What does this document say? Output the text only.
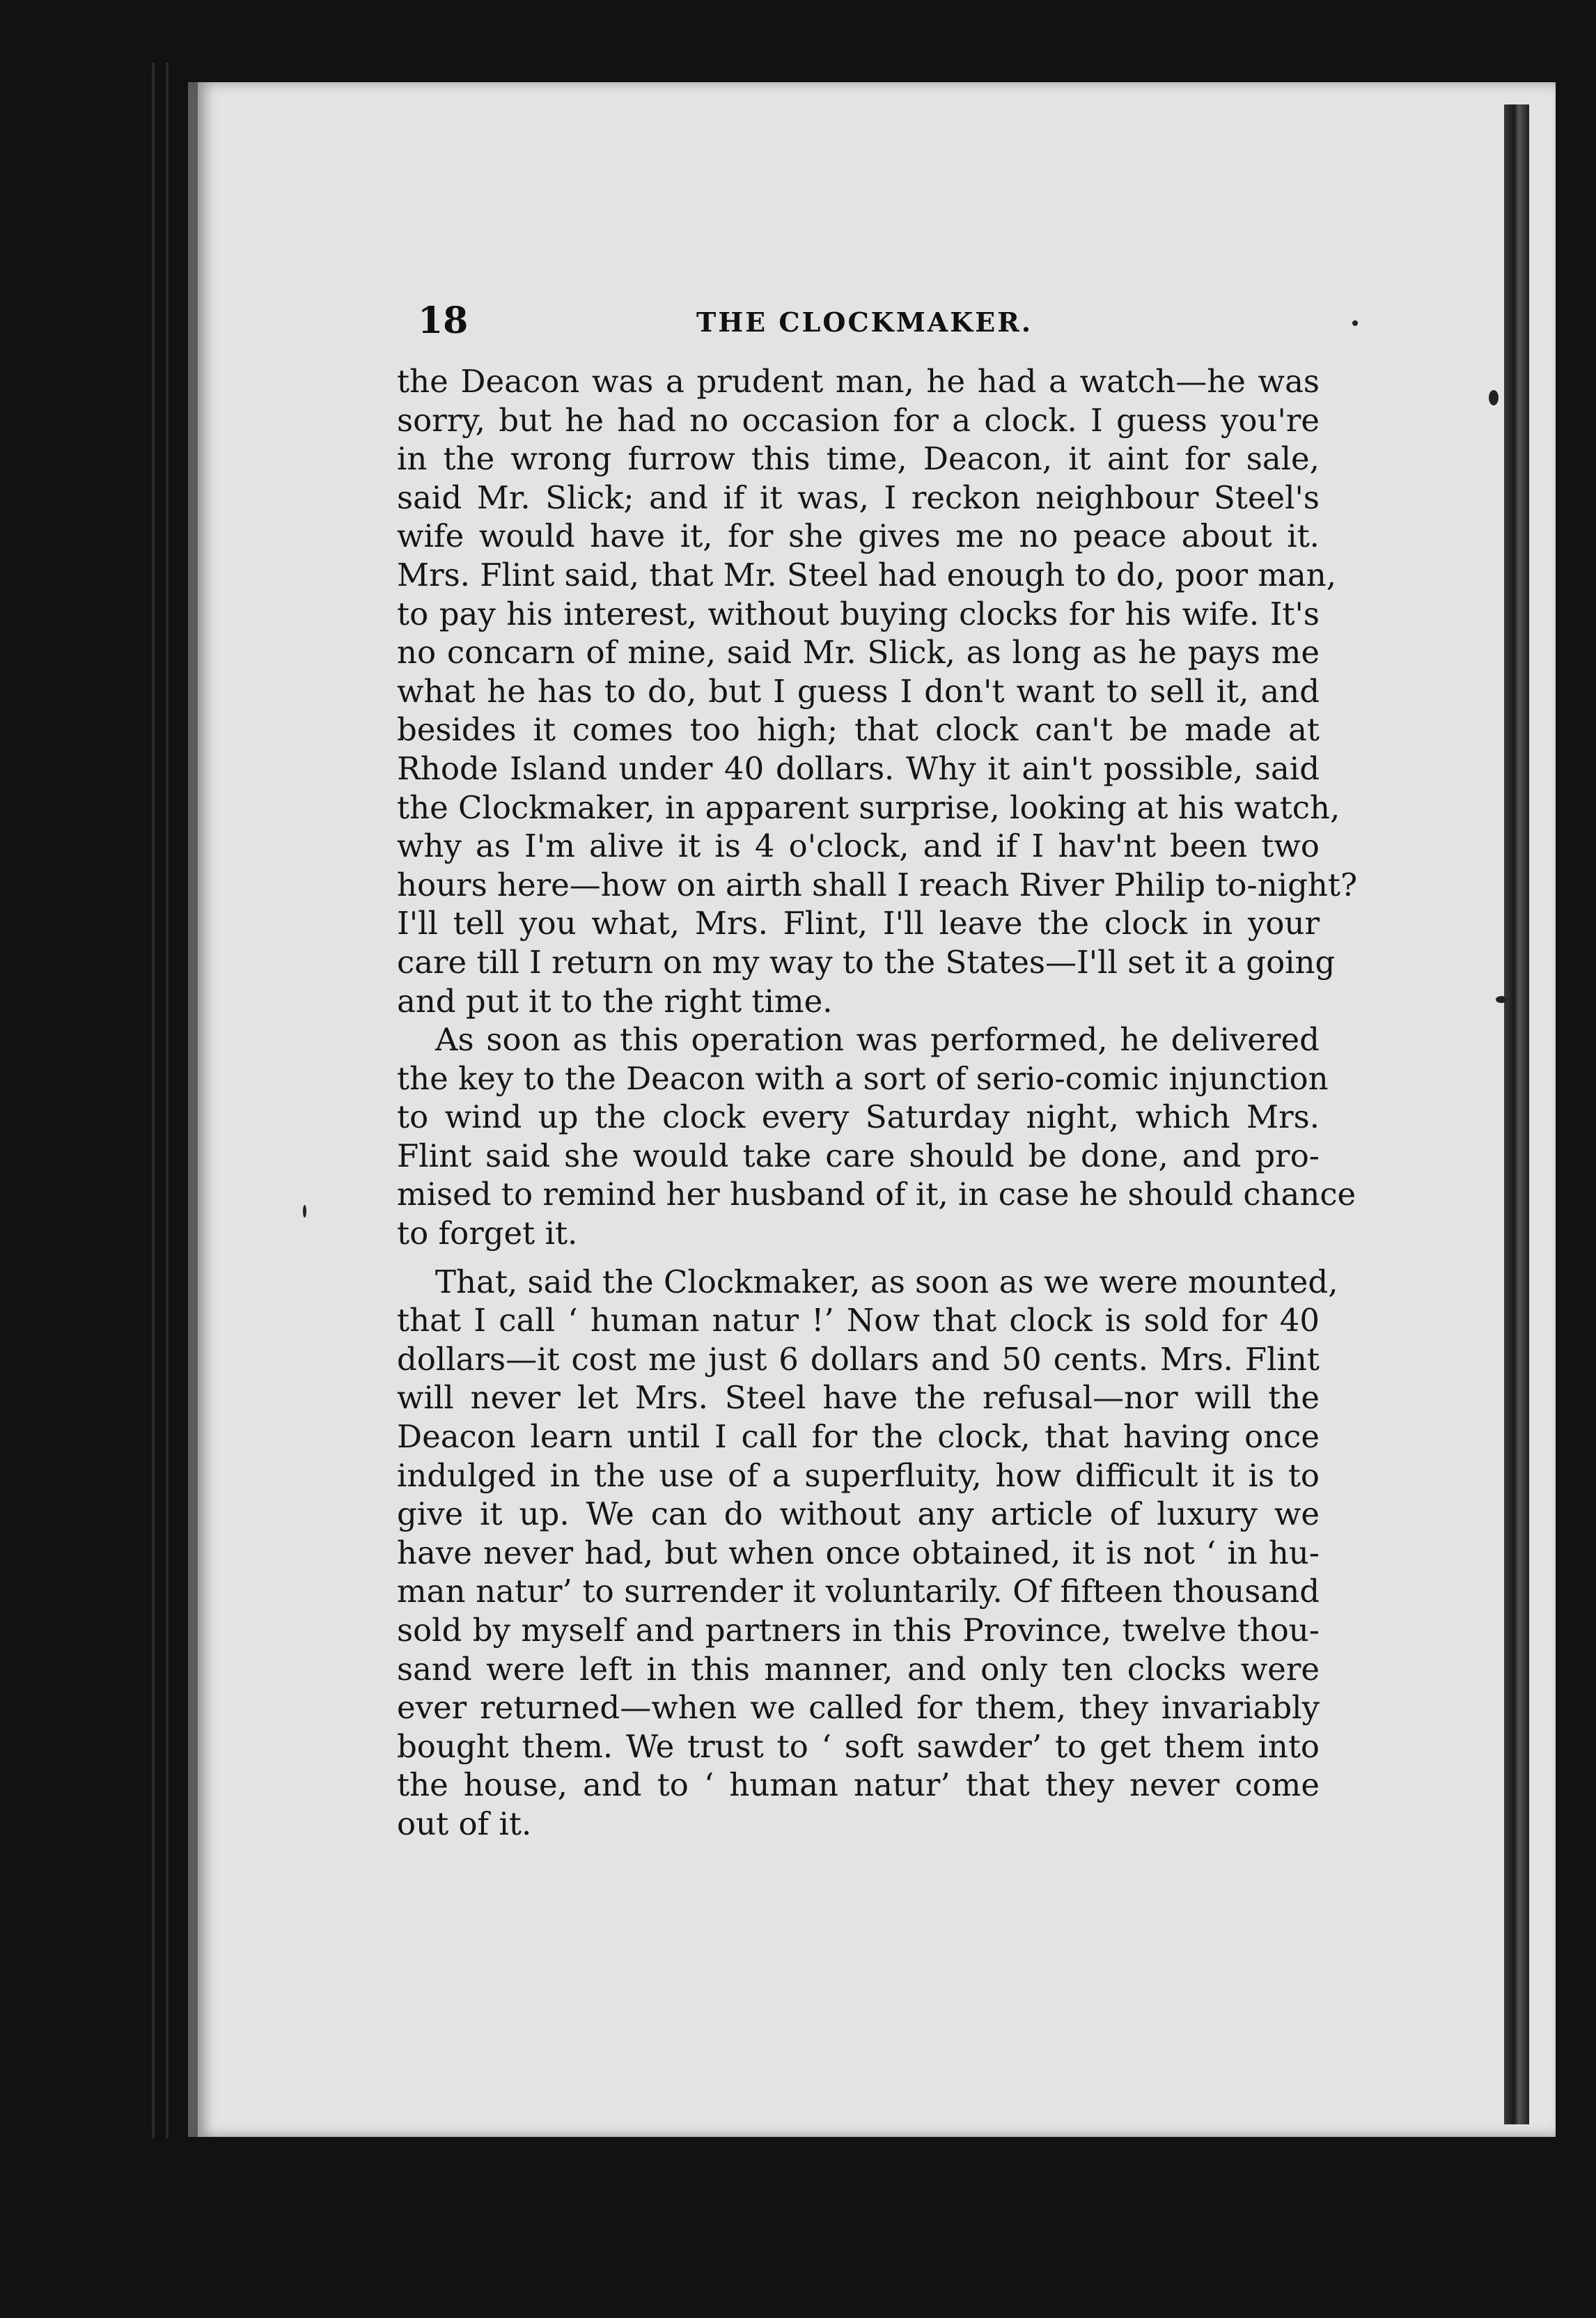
18	THE CLOCKMAKER.
the Deacon was a prudent man, he had a watch—he was
sorry, but he had no occasion for a clock. I guess you're
in the wrong furrow this time, Deacon, it aint for sale,
said Mr. Slick; and if it was, I reckon neighbour Steel's
wife would have it, for she gives me no peace about it.
Mrs. Flint said, that Mr. Steel had enough to do, poor man,
to pay his interest, without buying clocks for his wife. It's
no concarn of mine, said Mr. Slick, as long as he pays me
what he has to do, but I guess I don't want to sell it, and
besides it comes too high; that clock can't be made at
Rhode Island under 40 dollars. Why it ain't possible, said
the Clockmaker, in apparent surprise, looking at his watch,
why as I'm alive it is 4 o'clock, and if I hav'nt been two
hours here—how on airth shall I reach River Philip to-night?
I'll tell you what, Mrs. Flint, I'll leave the clock in your
care till I return on my way to the States—I'll set it a going
and put it to the right time.
As soon as this operation was performed, he delivered
the key to the Deacon with a sort of serio-comic injunction
to wind up the clock every Saturday night, which Mrs.
Flint said she would take care should be done, and pro-
mised to remind her husband of it, in case he should chance
to forget it.
That, said the Clockmaker, as soon as we were mounted,
that I call ‘ human natur !’ Now that clock is sold for 40
dollars—it cost me just 6 dollars and 50 cents. Mrs. Flint
will never let Mrs. Steel have the refusal—nor will the
Deacon learn until I call for the clock, that having once
indulged in the use of a superfluity, how difficult it is to
give it up. We can do without any article of luxury we
have never had, but when once obtained, it is not ‘ in hu-
man natur’ to surrender it voluntarily. Of fifteen thousand
sold by myself and partners in this Province, twelve thou-
sand were left in this manner, and only ten clocks were
ever returned—when we called for them, they invariably
bought them. We trust to ‘ soft sawder’ to get them into
the house, and to ‘ human natur’ that they never come
out of it.
